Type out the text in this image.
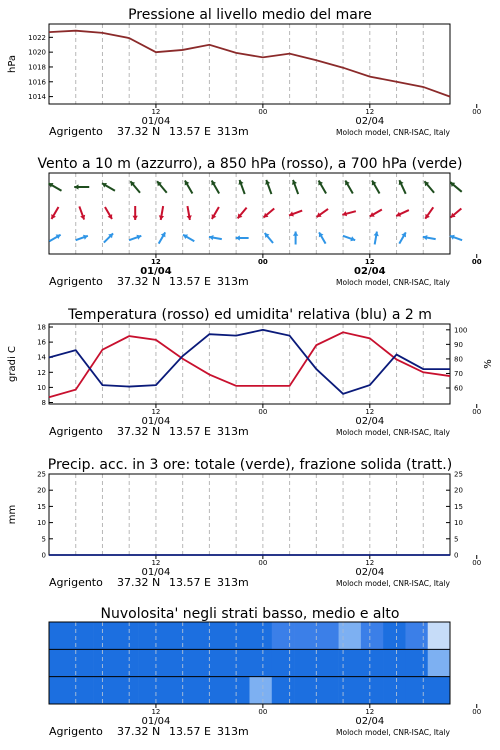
Pressione al livello medio del mare
12	00	12	00
01/04	02/04
Agrigento 37.32 N 13.57 E 313m	Moloch model, CNR-ISAC, Italy
1014
1016
1018
1020
1022
hPa
Vento a 10 m (azzurro), a 850 hPa (rosso), a 700 hPa (verde)
12	00	12	00
01/04	02/04
Agrigento 37.32 N 13.57 E 313m	Moloch model, CNR-ISAC, Italy
Temperatura (rosso) ed umidita' relativa (blu) a 2 m
12	00	12	00
01/04	02/04
Agrigento 37.32 N 13.57 E 313m	Moloch model, CNR-ISAC, Italy
8
10
12
14
16
18
60
70
80
90
100
gradi C	%
Precip. acc. in 3 ore: totale (verde), frazione solida (tratt.)
12	00	12	00
01/04	02/04
Agrigento 37.32 N 13.57 E 313m	Moloch model, CNR-ISAC, Italy
0
5
10
15
20
25
0
5
10
15
20
25
mm
Nuvolosita' negli strati basso, medio e alto
12	00	12	00
01/04	02/04
Agrigento 37.32 N 13.57 E 313m	Moloch model, CNR-ISAC, Italy
